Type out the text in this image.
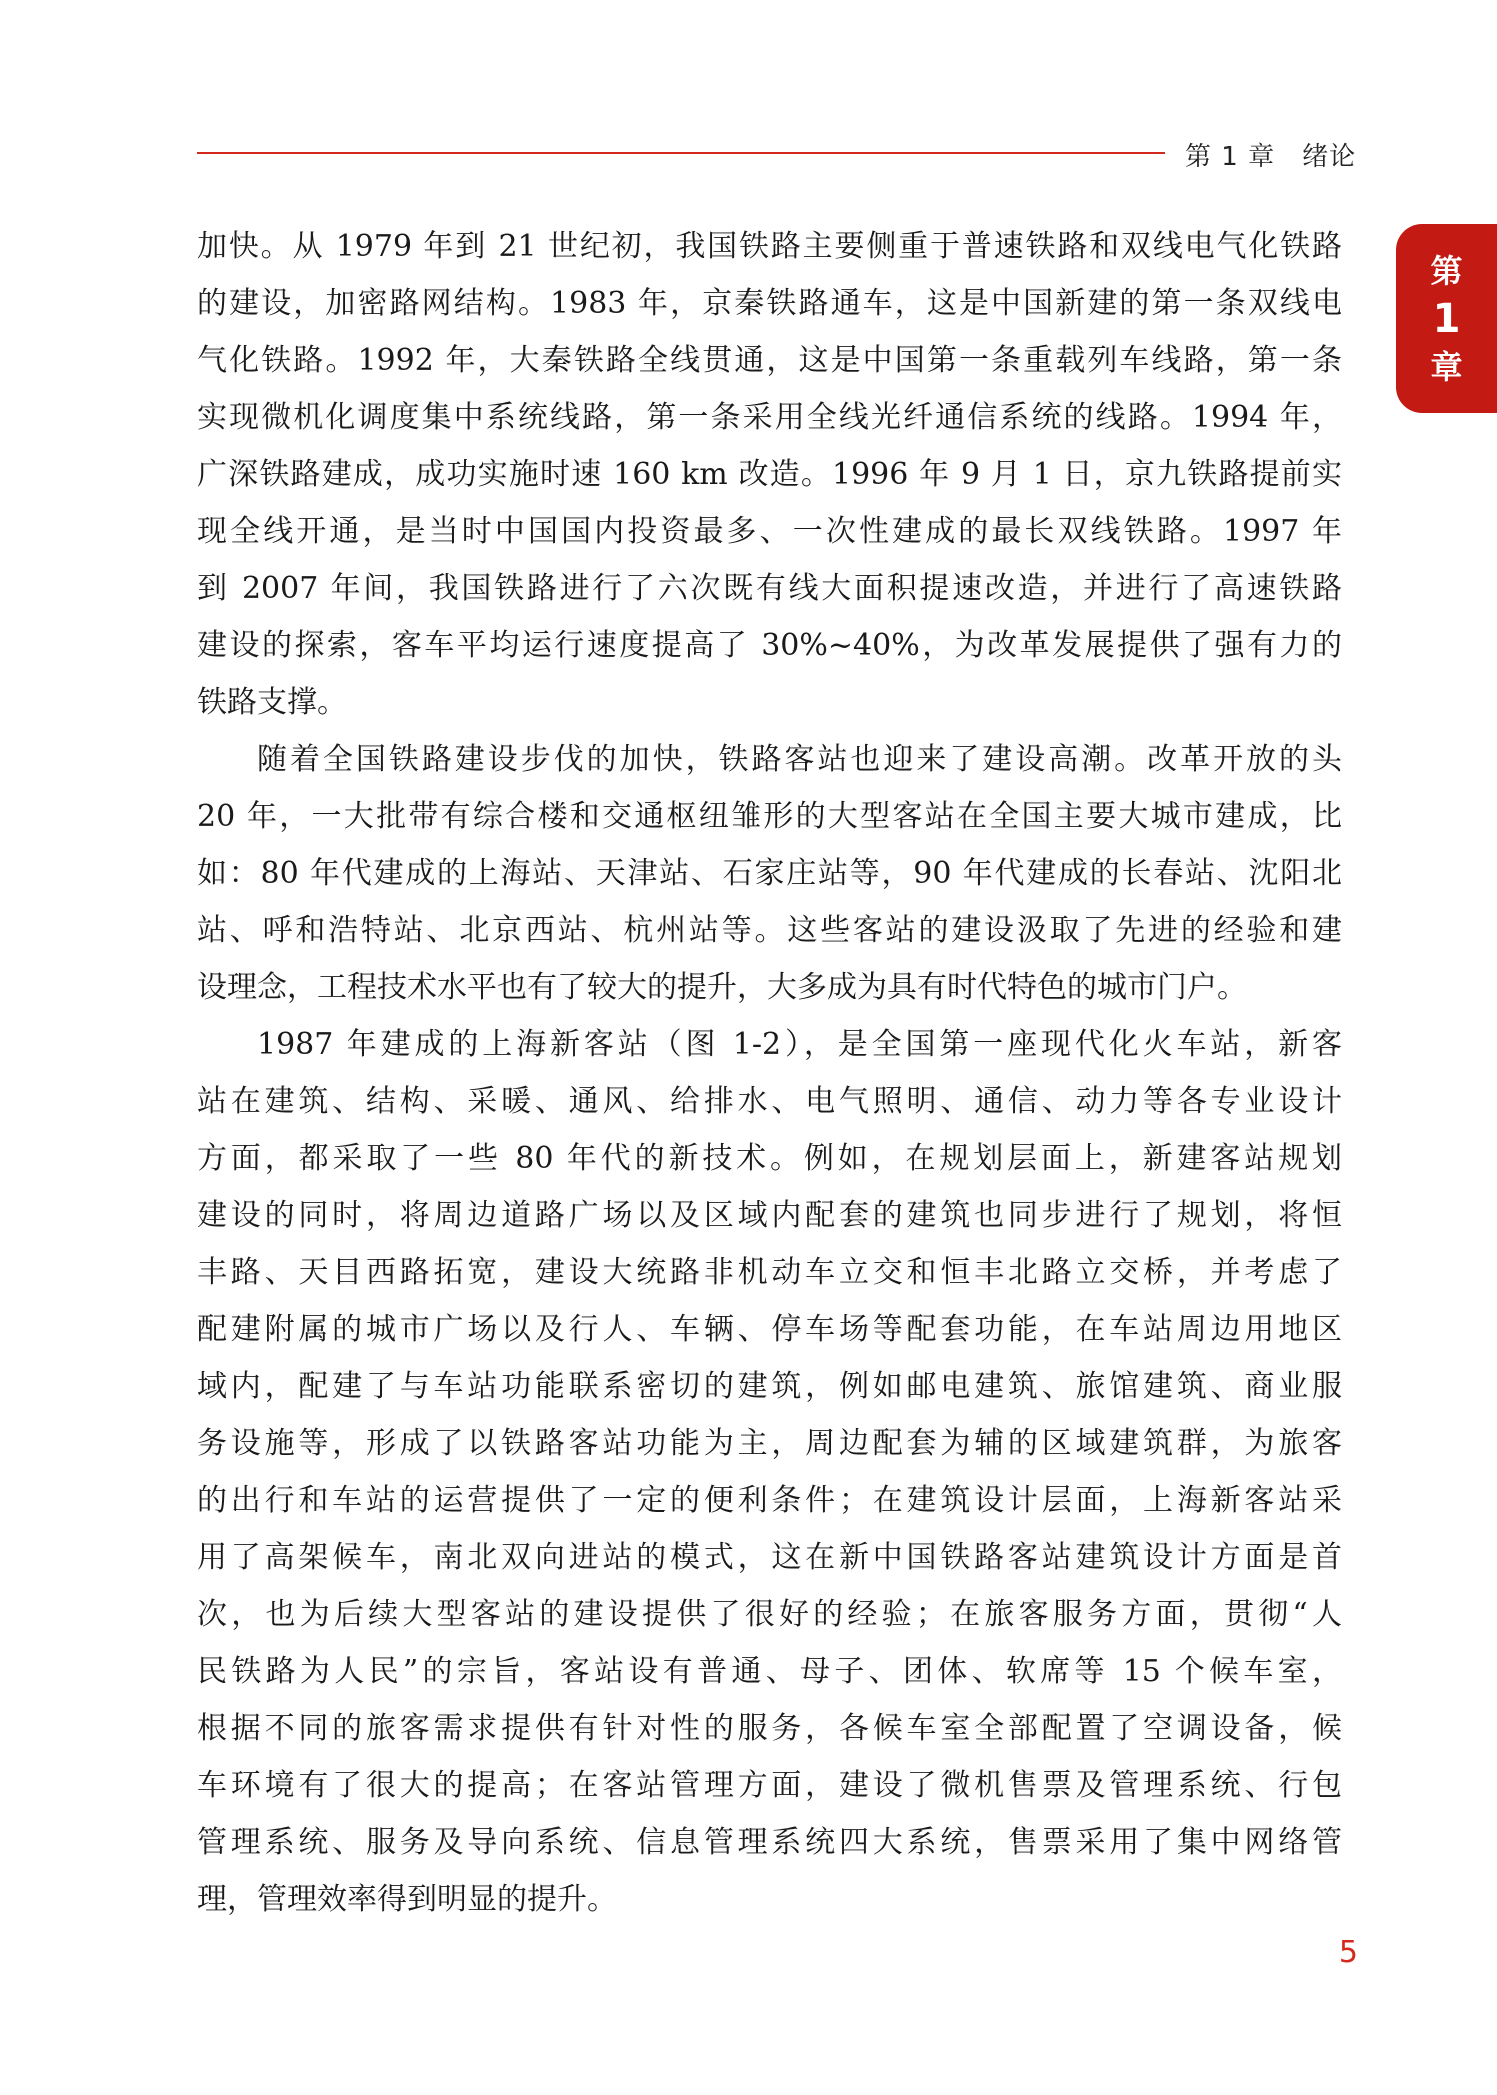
第 1 章　绪论
第
1
章
加快。从 1979 年到 21 世纪初，我国铁路主要侧重于普速铁路和双线电气化铁路
的建设，加密路网结构。1983 年，京秦铁路通车，这是中国新建的第一条双线电
气化铁路。1992 年，大秦铁路全线贯通，这是中国第一条重载列车线路，第一条
实现微机化调度集中系统线路，第一条采用全线光纤通信系统的线路。1994 年，
广深铁路建成，成功实施时速 160 km 改造。1996 年 9 月 1 日，京九铁路提前实
现全线开通，是当时中国国内投资最多、一次性建成的最长双线铁路。1997 年
到 2007 年间，我国铁路进行了六次既有线大面积提速改造，并进行了高速铁路
建设的探索，客车平均运行速度提高了 30%~40%，为改革发展提供了强有力的
铁路支撑。
随着全国铁路建设步伐的加快，铁路客站也迎来了建设高潮。改革开放的头
20 年，一大批带有综合楼和交通枢纽雏形的大型客站在全国主要大城市建成，比
如：80 年代建成的上海站、天津站、石家庄站等，90 年代建成的长春站、沈阳北
站、呼和浩特站、北京西站、杭州站等。这些客站的建设汲取了先进的经验和建
设理念，工程技术水平也有了较大的提升，大多成为具有时代特色的城市门户。
1987 年建成的上海新客站（图 1-2），是全国第一座现代化火车站，新客
站在建筑、结构、采暖、通风、给排水、电气照明、通信、动力等各专业设计
方面，都采取了一些 80 年代的新技术。例如，在规划层面上，新建客站规划
建设的同时，将周边道路广场以及区域内配套的建筑也同步进行了规划，将恒
丰路、天目西路拓宽，建设大统路非机动车立交和恒丰北路立交桥，并考虑了
配建附属的城市广场以及行人、车辆、停车场等配套功能，在车站周边用地区
域内，配建了与车站功能联系密切的建筑，例如邮电建筑、旅馆建筑、商业服
务设施等，形成了以铁路客站功能为主，周边配套为辅的区域建筑群，为旅客
的出行和车站的运营提供了一定的便利条件；在建筑设计层面，上海新客站采
用了高架候车，南北双向进站的模式，这在新中国铁路客站建筑设计方面是首
次，也为后续大型客站的建设提供了很好的经验；在旅客服务方面，贯彻“人
民铁路为人民”的宗旨，客站设有普通、母子、团体、软席等 15 个候车室，
根据不同的旅客需求提供有针对性的服务，各候车室全部配置了空调设备，候
车环境有了很大的提高；在客站管理方面，建设了微机售票及管理系统、行包
管理系统、服务及导向系统、信息管理系统四大系统，售票采用了集中网络管
理，管理效率得到明显的提升。
5
